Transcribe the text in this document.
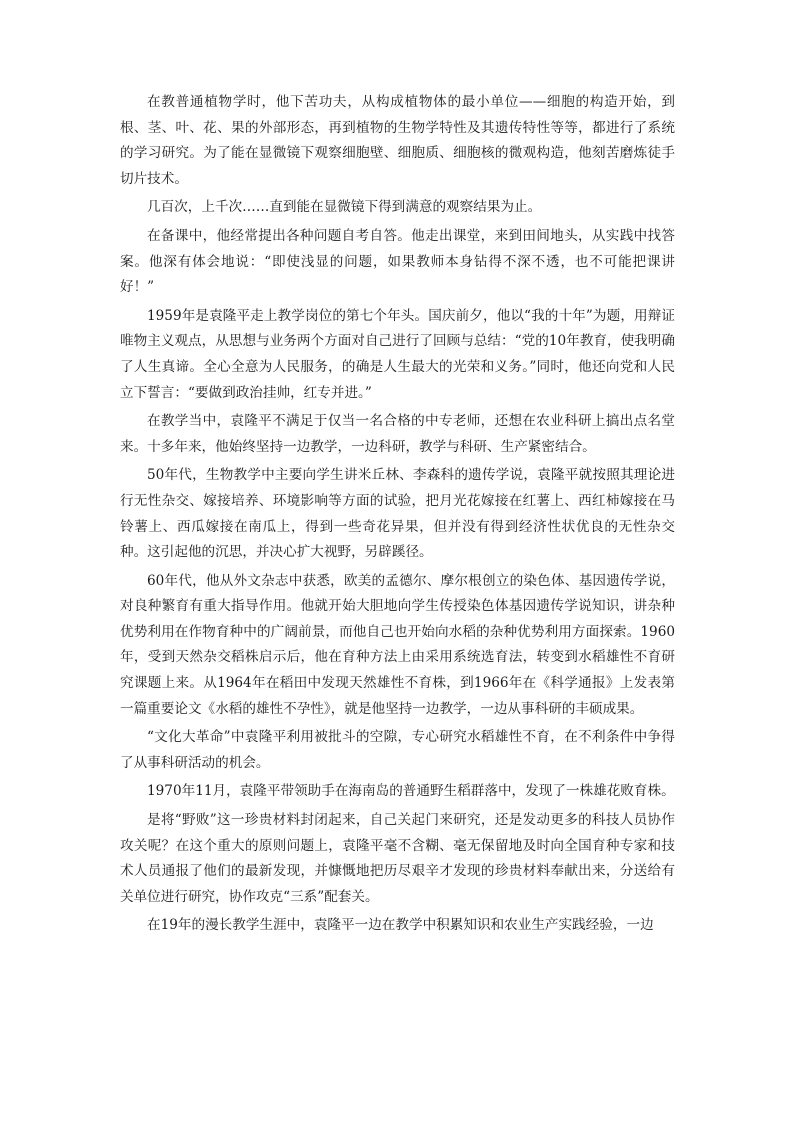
在教普通植物学时，他下苦功夫，从构成植物体的最小单位——细胞的构造开始，到根、茎、叶、花、果的外部形态，再到植物的生物学特性及其遗传特性等等，都进行了系统的学习研究。为了能在显微镜下观察细胞壁、细胞质、细胞核的微观构造，他刻苦磨炼徒手切片技术。

几百次，上千次……直到能在显微镜下得到满意的观察结果为止。

在备课中，他经常提出各种问题自考自答。他走出课堂，来到田间地头，从实践中找答案。他深有体会地说：“即使浅显的问题，如果教师本身钻得不深不透，也不可能把课讲好！”

1959年是袁隆平走上教学岗位的第七个年头。国庆前夕，他以“我的十年”为题，用辩证唯物主义观点，从思想与业务两个方面对自己进行了回顾与总结：“党的10年教育，使我明确了人生真谛。全心全意为人民服务，的确是人生最大的光荣和义务。”同时，他还向党和人民立下誓言：“要做到政治挂帅，红专并进。”

在教学当中，袁隆平不满足于仅当一名合格的中专老师，还想在农业科研上搞出点名堂来。十多年来，他始终坚持一边教学，一边科研，教学与科研、生产紧密结合。

50年代，生物教学中主要向学生讲米丘林、李森科的遗传学说，袁隆平就按照其理论进行无性杂交、嫁接培养、环境影响等方面的试验，把月光花嫁接在红薯上、西红柿嫁接在马铃薯上、西瓜嫁接在南瓜上，得到一些奇花异果，但并没有得到经济性状优良的无性杂交种。这引起他的沉思，并决心扩大视野，另辟蹊径。

60年代，他从外文杂志中获悉，欧美的孟德尔、摩尔根创立的染色体、基因遗传学说，对良种繁育有重大指导作用。他就开始大胆地向学生传授染色体基因遗传学说知识，讲杂种优势利用在作物育种中的广阔前景，而他自己也开始向水稻的杂种优势利用方面探索。1960年，受到天然杂交稻株启示后，他在育种方法上由采用系统选育法，转变到水稻雄性不育研究课题上来。从1964年在稻田中发现天然雄性不育株，到1966年在《科学通报》上发表第一篇重要论文《水稻的雄性不孕性》，就是他坚持一边教学，一边从事科研的丰硕成果。

“文化大革命”中袁隆平利用被批斗的空隙，专心研究水稻雄性不育，在不利条件中争得了从事科研活动的机会。

1970年11月，袁隆平带领助手在海南岛的普通野生稻群落中，发现了一株雄花败育株。

是将“野败”这一珍贵材料封闭起来，自己关起门来研究，还是发动更多的科技人员协作攻关呢？在这个重大的原则问题上，袁隆平毫不含糊、毫无保留地及时向全国育种专家和技术人员通报了他们的最新发现，并慷慨地把历尽艰辛才发现的珍贵材料奉献出来，分送给有关单位进行研究，协作攻克“三系”配套关。

在19年的漫长教学生涯中，袁隆平一边在教学中积累知识和农业生产实践经验，一边
